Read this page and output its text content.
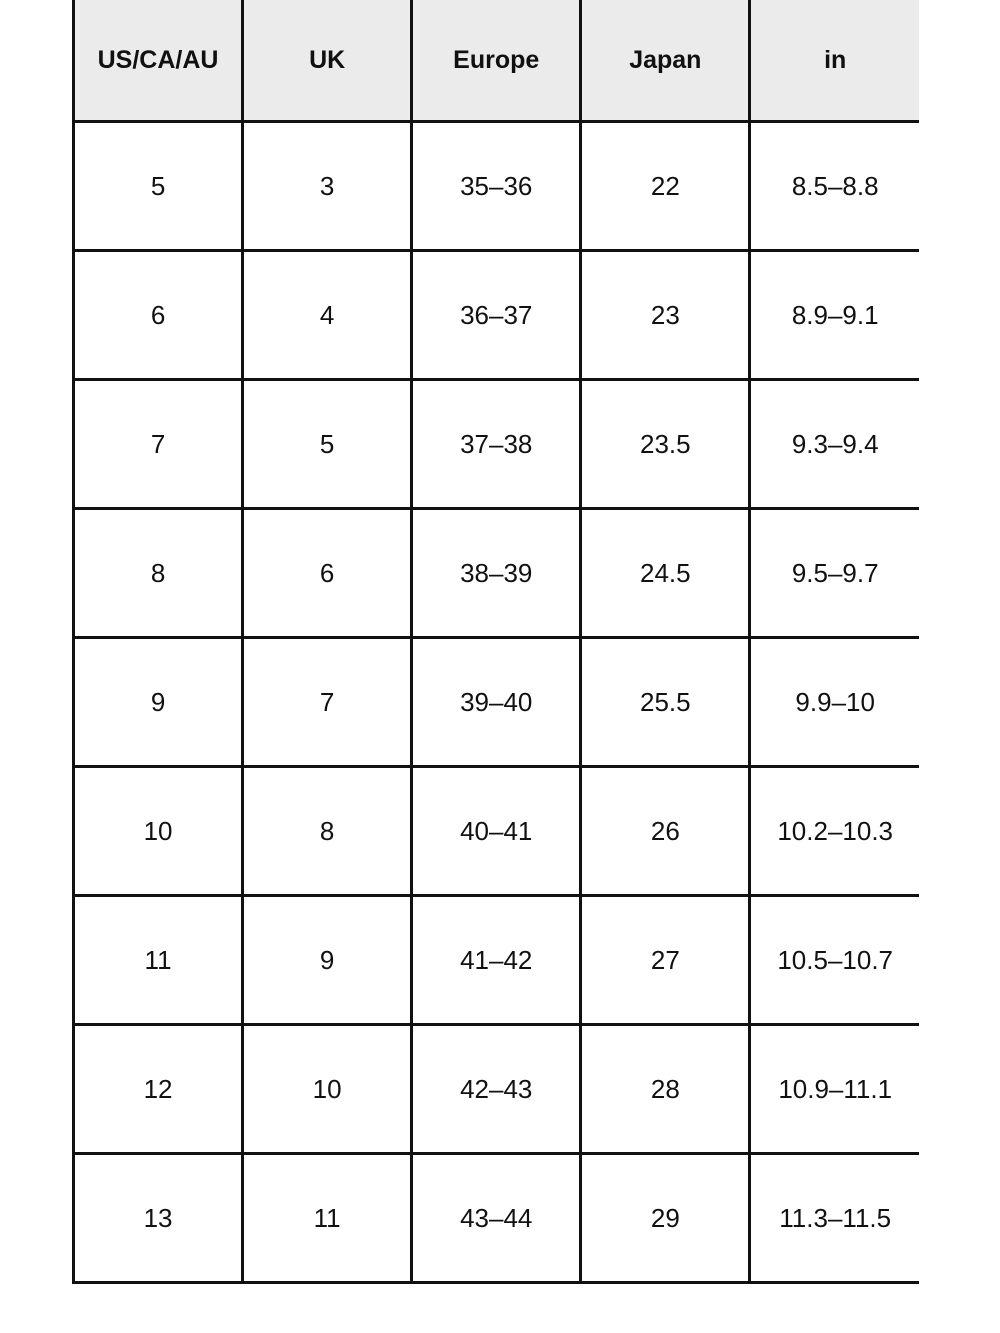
US/CA/AU	UK	Europe	Japan	in
5	3	35–36	22	8.5–8.8
6	4	36–37	23	8.9–9.1
7	5	37–38	23.5	9.3–9.4
8	6	38–39	24.5	9.5–9.7
9	7	39–40	25.5	9.9–10
10	8	40–41	26	10.2–10.3
11	9	41–42	27	10.5–10.7
12	10	42–43	28	10.9–11.1
13	11	43–44	29	11.3–11.5
